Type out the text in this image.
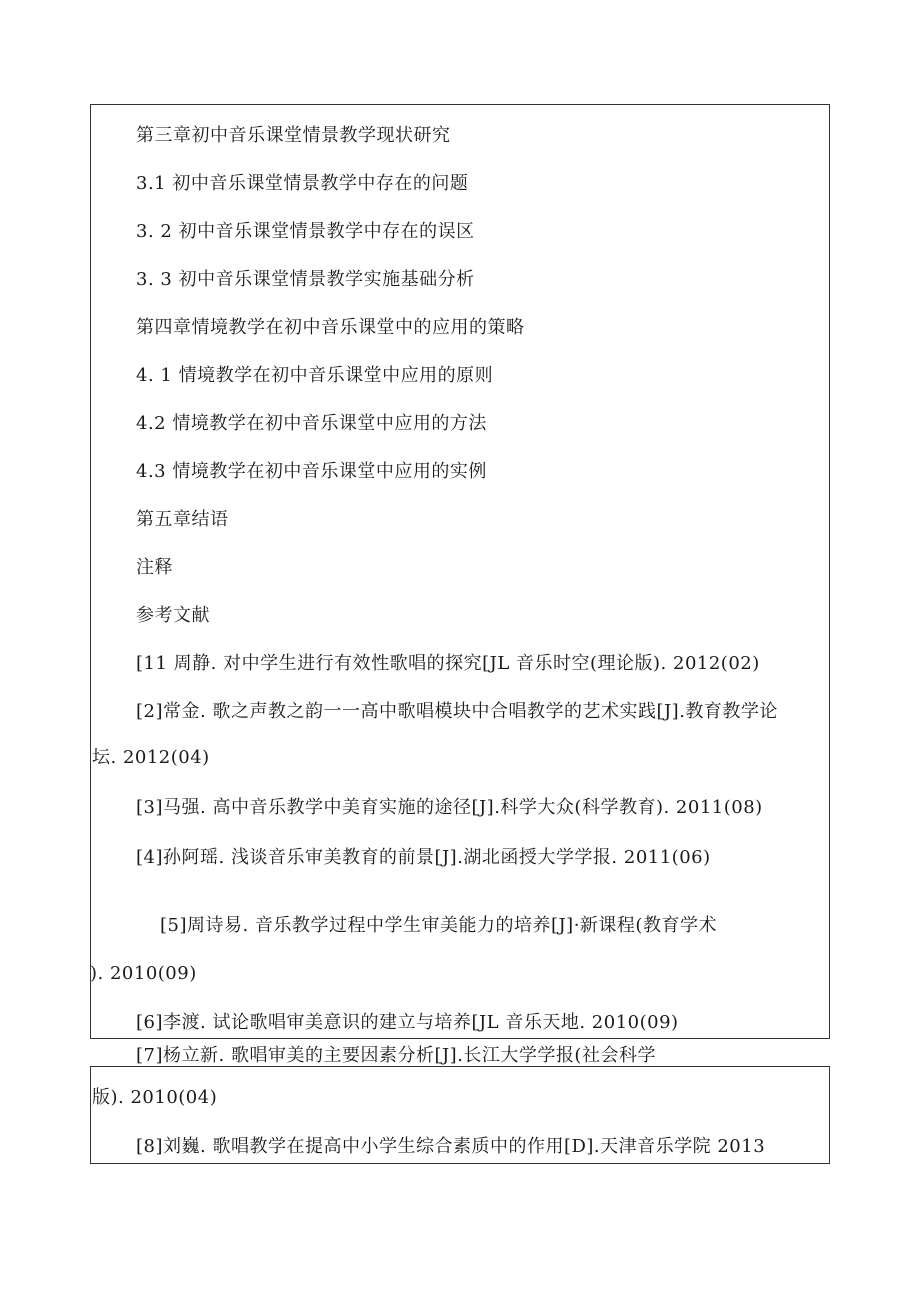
第三章初中音乐课堂情景教学现状研究
3.1 初中音乐课堂情景教学中存在的问题
3. 2 初中音乐课堂情景教学中存在的误区
3. 3 初中音乐课堂情景教学实施基础分析
第四章情境教学在初中音乐课堂中的应用的策略
4. 1 情境教学在初中音乐课堂中应用的原则
4.2 情境教学在初中音乐课堂中应用的方法
4.3 情境教学在初中音乐课堂中应用的实例
第五章结语
注释
参考文献
[11 周静. 对中学生进行有效性歌唱的探究[JL 音乐时空(理论版). 2012(02)
[2]常金. 歌之声教之韵一一高中歌唱模块中合唱教学的艺术实践[J].教育教学论
坛. 2012(04)
[3]马强. 高中音乐教学中美育实施的途径[J].科学大众(科学教育). 2011(08)
[4]孙阿瑶. 浅谈音乐审美教育的前景[J].湖北函授大学学报. 2011(06)
[5]周诗易. 音乐教学过程中学生审美能力的培养[J]·新课程(教育学术
). 2010(09)
[6]李渡. 试论歌唱审美意识的建立与培养[JL 音乐天地. 2010(09)
[7]杨立新. 歌唱审美的主要因素分析[J].长江大学学报(社会科学
版). 2010(04)
[8]刘巍. 歌唱教学在提高中小学生综合素质中的作用[D].天津音乐学院 2013
